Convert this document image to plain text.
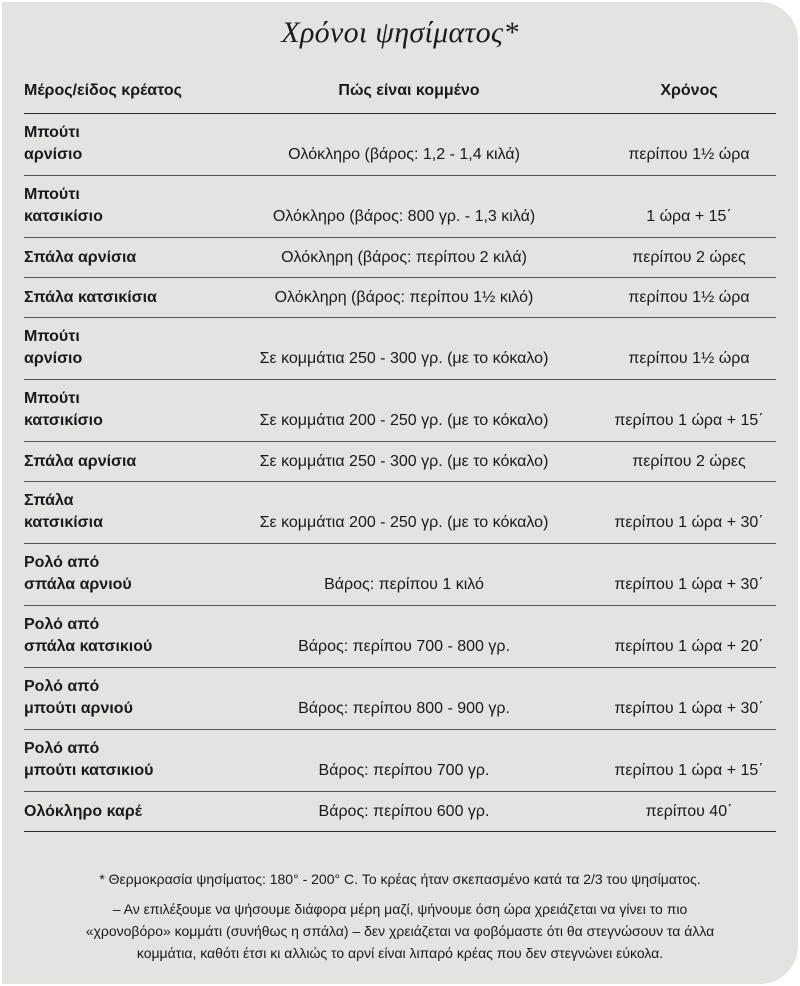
Χρόνοι ψησίματος*
Μέρος/είδος κρέατος	Πώς είναι κομμένο	Χρόνος
Μπούτι
αρνίσιο	Ολόκληρο (βάρος: 1,2 - 1,4 κιλά)	περίπου 1½ ώρα
Μπούτι
κατσικίσιο	Ολόκληρο (βάρος: 800 γρ. - 1,3 κιλά)	1 ώρα + 15΄
Σπάλα αρνίσια	Ολόκληρη (βάρος: περίπου 2 κιλά)	περίπου 2 ώρες
Σπάλα κατσικίσια	Ολόκληρη (βάρος: περίπου 1½ κιλό)	περίπου 1½ ώρα
Μπούτι
αρνίσιο	Σε κομμάτια 250 - 300 γρ. (με το κόκαλο)	περίπου 1½ ώρα
Μπούτι
κατσικίσιο	Σε κομμάτια 200 - 250 γρ. (με το κόκαλο)	περίπου 1 ώρα + 15΄
Σπάλα αρνίσια	Σε κομμάτια 250 - 300 γρ. (με το κόκαλο)	περίπου 2 ώρες
Σπάλα
κατσικίσια	Σε κομμάτια 200 - 250 γρ. (με το κόκαλο)	περίπου 1 ώρα + 30΄
Ρολό από
σπάλα αρνιού	Βάρος: περίπου 1 κιλό	περίπου 1 ώρα + 30΄
Ρολό από
σπάλα κατσικιού	Βάρος: περίπου 700 - 800 γρ.	περίπου 1 ώρα + 20΄
Ρολό από
μπούτι αρνιού	Βάρος: περίπου 800 - 900 γρ.	περίπου 1 ώρα + 30΄
Ρολό από
μπούτι κατσικιού	Βάρος: περίπου 700 γρ.	περίπου 1 ώρα + 15΄
Ολόκληρο καρέ	Βάρος: περίπου 600 γρ.	περίπου 40΄

* Θερμοκρασία ψησίματος: 180° - 200° C. Το κρέας ήταν σκεπασμένο κατά τα 2/3 του ψησίματος.

– Αν επιλέξουμε να ψήσουμε διάφορα μέρη μαζί, ψήνουμε όση ώρα χρειάζεται να γίνει το πιο

«χρονοβόρο» κομμάτι (συνήθως η σπάλα) – δεν χρειάζεται να φοβόμαστε ότι θα στεγνώσουν τα άλλα

κομμάτια, καθότι έτσι κι αλλιώς το αρνί είναι λιπαρό κρέας που δεν στεγνώνει εύκολα.
